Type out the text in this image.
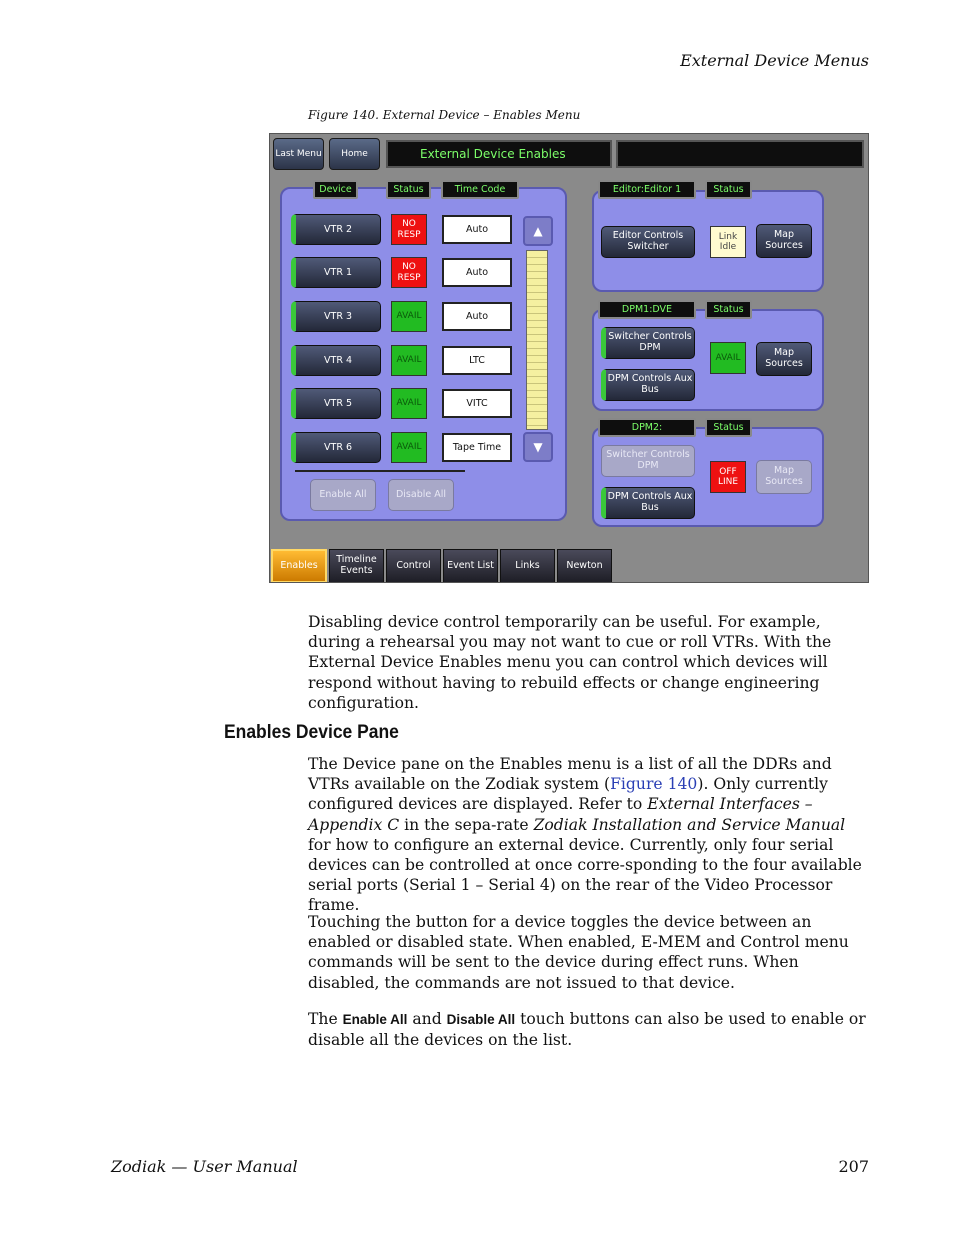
External Device Menus
Figure 140. External Device – Enables Menu
Last Menu	Home	External Device Enables
Device	Status	Time Code
VTR 2	NO RESP	Auto
VTR 1	NO RESP	Auto
VTR 3	AVAIL	Auto
VTR 4	AVAIL	LTC
VTR 5	AVAIL	VITC
VTR 6	AVAIL	Tape Time
▲
▼
Enable All	Disable All
Editor:Editor 1	Status
Editor Controls Switcher
Link Idle
Map Sources
DPM1:DVE	Status
Switcher Controls DPM
DPM Controls Aux Bus
AVAIL	Map Sources
DPM2:	Status
Switcher Controls DPM
DPM Controls Aux Bus
OFF LINE
Map Sources
Enables	Timeline Events	Control	Event List	Links	Newton

Disabling device control temporarily can be useful. For example, during a rehearsal you may not want to cue or roll VTRs. With the External Device Enables menu you can control which devices will respond without having to rebuild effects or change engineering configuration.

Enables Device Pane

The Device pane on the Enables menu is a list of all the DDRs and VTRs available on the Zodiak system (Figure 140). Only currently configured devices are displayed. Refer to External Interfaces – Appendix C in the sepa-rate Zodiak Installation and Service Manual for how to configure an external device. Currently, only four serial devices can be controlled at once corre-sponding to the four available serial ports (Serial 1 – Serial 4) on the rear of the Video Processor frame.

Touching the button for a device toggles the device between an enabled or disabled state. When enabled, E-MEM and Control menu commands will be sent to the device during effect runs. When disabled, the commands are not issued to that device.

The Enable All and Disable All touch buttons can also be used to enable or disable all the devices on the list.

Zodiak — User Manual	207
